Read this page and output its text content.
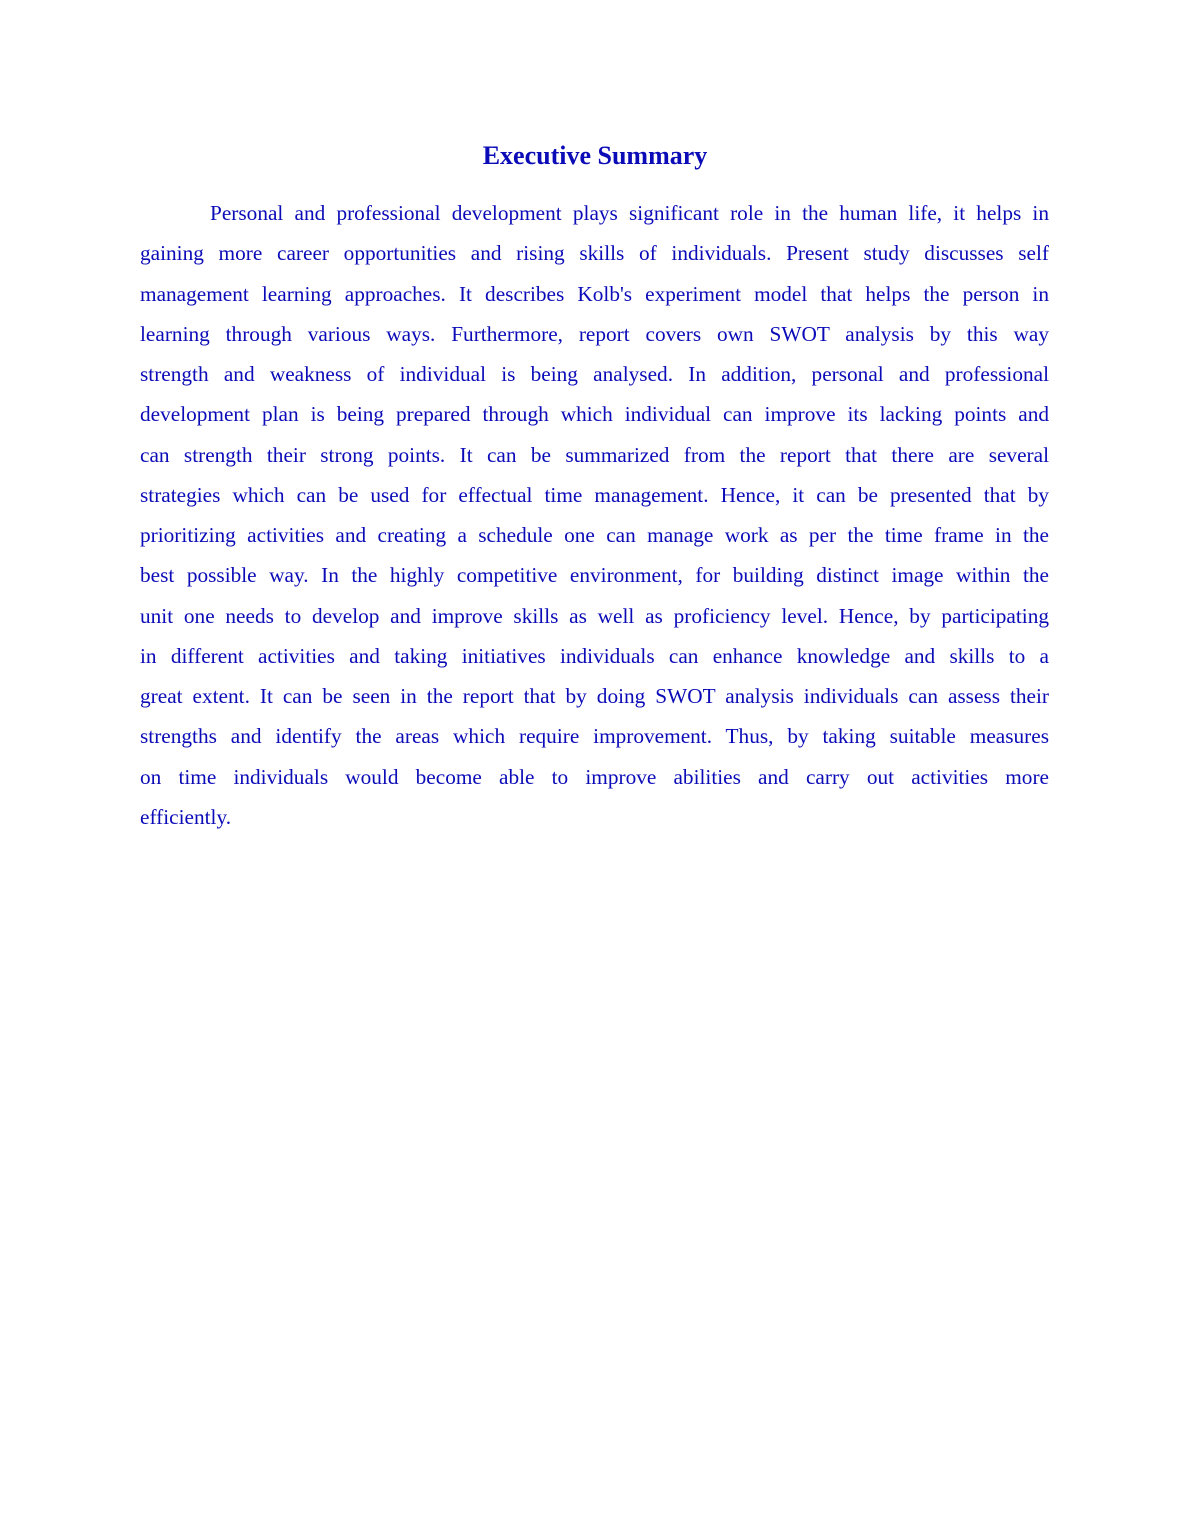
Executive Summary
Personal and professional development plays significant role in the human life, it helps in
gaining more career opportunities and rising skills of individuals. Present study discusses self
management learning approaches. It describes Kolb's experiment model that helps the person in
learning through various ways. Furthermore, report covers own SWOT analysis by this way
strength and weakness of individual is being analysed. In addition, personal and professional
development plan is being prepared through which individual can improve its lacking points and
can strength their strong points. It can be summarized from the report that there are several
strategies which can be used for effectual time management. Hence, it can be presented that by
prioritizing activities and creating a schedule one can manage work as per the time frame in the
best possible way. In the highly competitive environment, for building distinct image within the
unit one needs to develop and improve skills as well as proficiency level. Hence, by participating
in different activities and taking initiatives individuals can enhance knowledge and skills to a
great extent. It can be seen in the report that by doing SWOT analysis individuals can assess their
strengths and identify the areas which require improvement. Thus, by taking suitable measures
on time individuals would become able to improve abilities and carry out activities more
efficiently.
